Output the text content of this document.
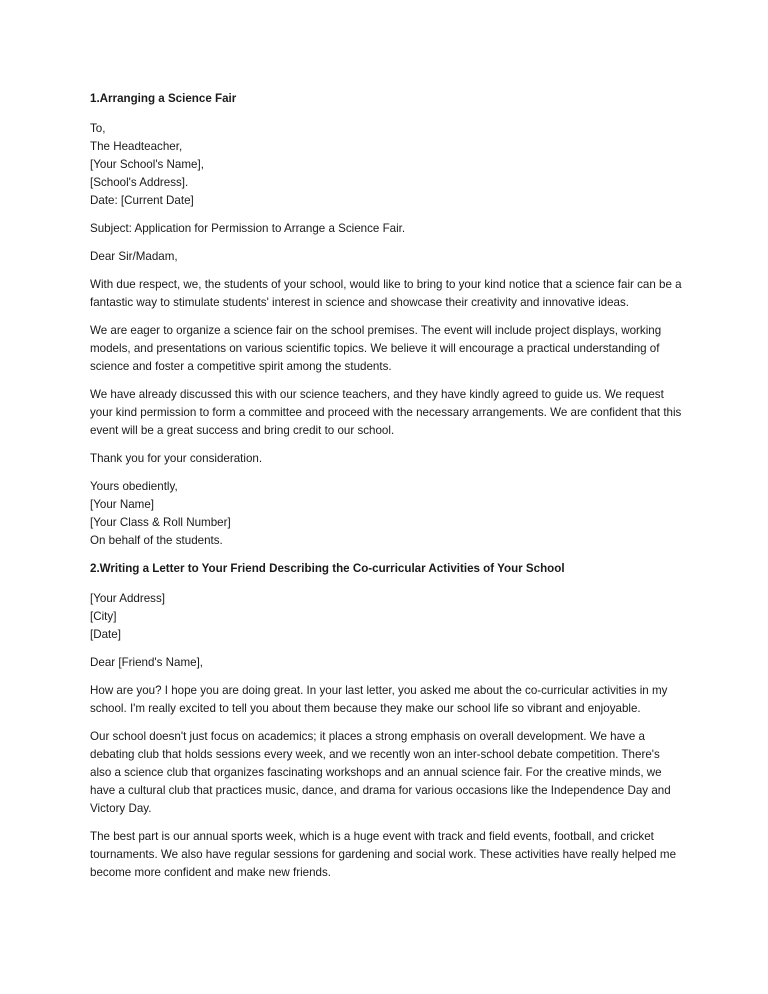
1.Arranging a Science Fair
To,
The Headteacher,
[Your School's Name],
[School's Address].
Date: [Current Date]

Subject: Application for Permission to Arrange a Science Fair.

Dear Sir/Madam,

With due respect, we, the students of your school, would like to bring to your kind notice that a science fair can be a fantastic way to stimulate students' interest in science and showcase their creativity and innovative ideas.

We are eager to organize a science fair on the school premises. The event will include project displays, working models, and presentations on various scientific topics. We believe it will encourage a practical understanding of science and foster a competitive spirit among the students.

We have already discussed this with our science teachers, and they have kindly agreed to guide us. We request your kind permission to form a committee and proceed with the necessary arrangements. We are confident that this event will be a great success and bring credit to our school.

Thank you for your consideration.

Yours obediently,
[Your Name]
[Your Class & Roll Number]
On behalf of the students.
2.Writing a Letter to Your Friend Describing the Co-curricular Activities of Your School
[Your Address]
[City]
[Date]

Dear [Friend's Name],

How are you? I hope you are doing great. In your last letter, you asked me about the co-curricular activities in my school. I'm really excited to tell you about them because they make our school life so vibrant and enjoyable.

Our school doesn't just focus on academics; it places a strong emphasis on overall development. We have a debating club that holds sessions every week, and we recently won an inter-school debate competition. There's also a science club that organizes fascinating workshops and an annual science fair. For the creative minds, we have a cultural club that practices music, dance, and drama for various occasions like the Independence Day and Victory Day.

The best part is our annual sports week, which is a huge event with track and field events, football, and cricket tournaments. We also have regular sessions for gardening and social work. These activities have really helped me become more confident and make new friends.
